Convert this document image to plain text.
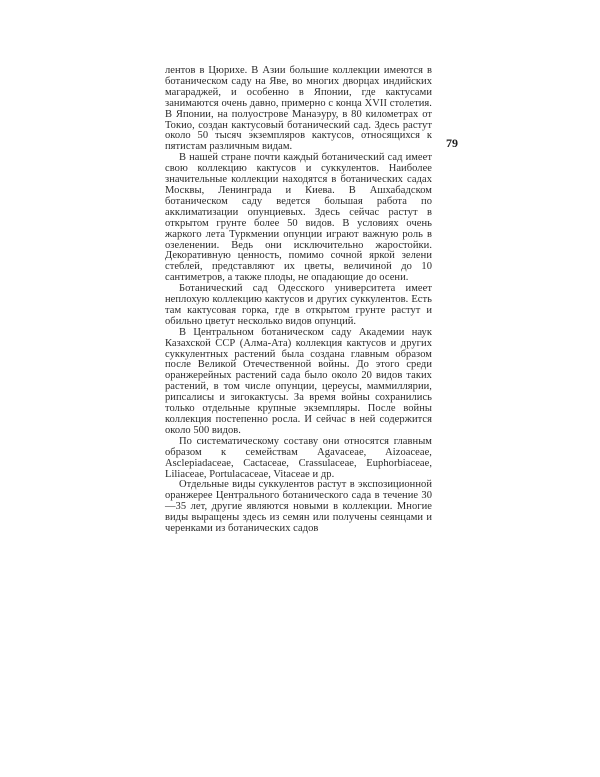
79

лентов в Цюрихе. В Азии большие коллекции имеются в ботаническом саду на Яве, во многих дворцах индийских магараджей, и особенно в Японии, где кактусами занимаются очень давно, примерно с конца XVII столетия. В Японии, на полуострове Манаэуру, в 80 километрах от Токио, создан кактусовый ботанический сад. Здесь растут около 50 тысяч экземпляров кактусов, относящихся к пятистам различным видам.

В нашей стране почти каждый ботанический сад имеет свою коллекцию кактусов и суккулентов. Наиболее значительные коллекции находятся в ботанических садах Москвы, Ленинграда и Киева. В Ашхабадском ботаническом саду ведется большая работа по акклиматизации опунциевых. Здесь сейчас растут в открытом грунте более 50 видов. В условиях очень жаркого лета Туркмении опунции играют важную роль в озеленении. Ведь они исключительно жаростойки. Декоративную ценность, помимо сочной яркой зелени стеблей, представляют их цветы, величиной до 10 сантиметров, а также плоды, не опадающие до осени.

Ботанический сад Одесского университета имеет неплохую коллекцию кактусов и других суккулентов. Есть там кактусовая горка, где в открытом грунте растут и обильно цветут несколько видов опунций.

В Центральном ботаническом саду Академии наук Казахской ССР (Алма-Ата) коллекция кактусов и других суккулентных растений была создана главным образом после Великой Отечественной войны. До этого среди оранжерейных растений сада было около 20 видов таких растений, в том числе опунции, цереусы, маммиллярии, рипсалисы и зигокактусы. За время войны сохранились только отдельные крупные экземпляры. После войны коллекция постепенно росла. И сейчас в ней содержится около 500 видов.

По систематическому составу они относятся главным образом к семействам Agavaceae, Aizoaceae, Asclepiadaceae, Cactaceae, Crassulaceae, Euphorbiaceae, Liliaceae, Portulacaceae, Vitaceae и др.

Отдельные виды суккулентов растут в экспозиционной оранжерее Центрального ботанического сада в течение 30—35 лет, другие являются новыми в коллекции. Многие виды выращены здесь из семян или получены сеянцами и черенками из ботанических садов
